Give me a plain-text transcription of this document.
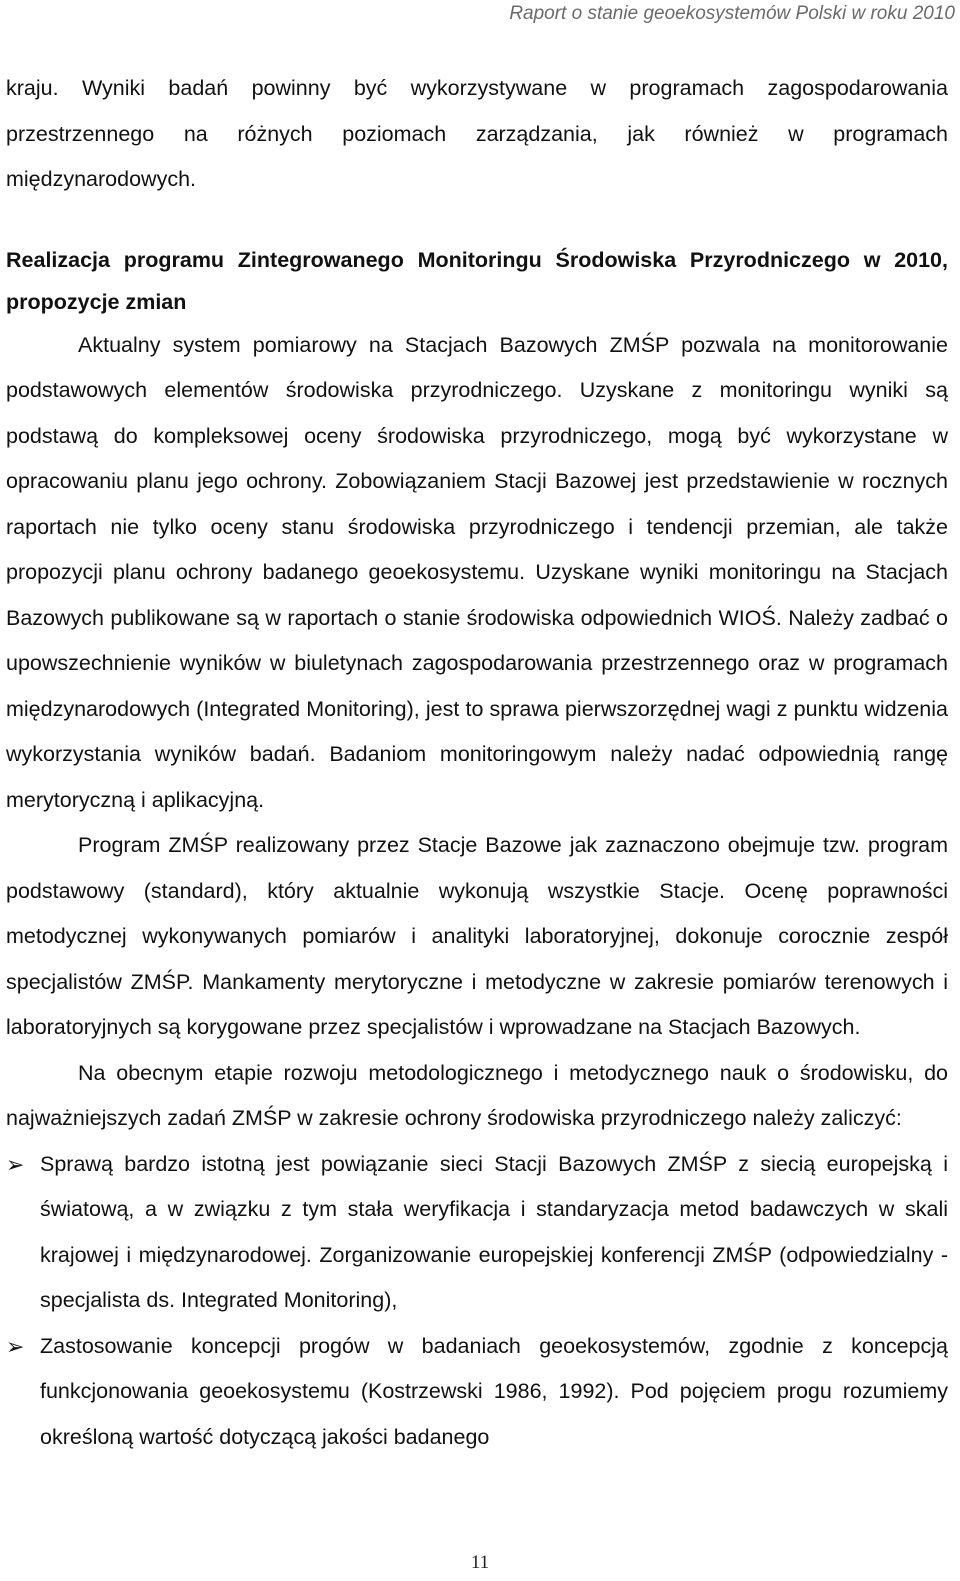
Raport o stanie geoekosystemów Polski w roku 2010

kraju. Wyniki badań powinny być wykorzystywane w programach zagospodarowania przestrzennego na różnych poziomach zarządzania, jak również w programach międzynarodowych.

Realizacja programu Zintegrowanego Monitoringu Środowiska Przyrodniczego w 2010, propozycje zmian

Aktualny system pomiarowy na Stacjach Bazowych ZMŚP pozwala na monitorowanie podstawowych elementów środowiska przyrodniczego. Uzyskane z monitoringu wyniki są podstawą do kompleksowej oceny środowiska przyrodniczego, mogą być wykorzystane w opracowaniu planu jego ochrony. Zobowiązaniem Stacji Bazowej jest przedstawienie w rocznych raportach nie tylko oceny stanu środowiska przyrodniczego i tendencji przemian, ale także propozycji planu ochrony badanego geoekosystemu. Uzyskane wyniki monitoringu na Stacjach Bazowych publikowane są w raportach o stanie środowiska odpowiednich WIOŚ. Należy zadbać o upowszechnienie wyników w biuletynach zagospodarowania przestrzennego oraz w programach międzynarodowych (Integrated Monitoring), jest to sprawa pierwszorzędnej wagi z punktu widzenia wykorzystania wyników badań. Badaniom monitoringowym należy nadać odpowiednią rangę merytoryczną i aplikacyjną.

Program ZMŚP realizowany przez Stacje Bazowe jak zaznaczono obejmuje tzw. program podstawowy (standard), który aktualnie wykonują wszystkie Stacje. Ocenę poprawności metodycznej wykonywanych pomiarów i analityki laboratoryjnej, dokonuje corocznie zespół specjalistów ZMŚP. Mankamenty merytoryczne i metodyczne w zakresie pomiarów terenowych i laboratoryjnych są korygowane przez specjalistów i wprowadzane na Stacjach Bazowych.

Na obecnym etapie rozwoju metodologicznego i metodycznego nauk o środowisku, do najważniejszych zadań ZMŚP w zakresie ochrony środowiska przyrodniczego należy zaliczyć:

➢ Sprawą bardzo istotną jest powiązanie sieci Stacji Bazowych ZMŚP z siecią europejską i światową, a w związku z tym stała weryfikacja i standaryzacja metod badawczych w skali krajowej i międzynarodowej. Zorganizowanie europejskiej konferencji ZMŚP (odpowiedzialny - specjalista ds. Integrated Monitoring),
➢ Zastosowanie koncepcji progów w badaniach geoekosystemów, zgodnie z koncepcją funkcjonowania geoekosystemu (Kostrzewski 1986, 1992). Pod pojęciem progu rozumiemy określoną wartość dotyczącą jakości badanego
11
